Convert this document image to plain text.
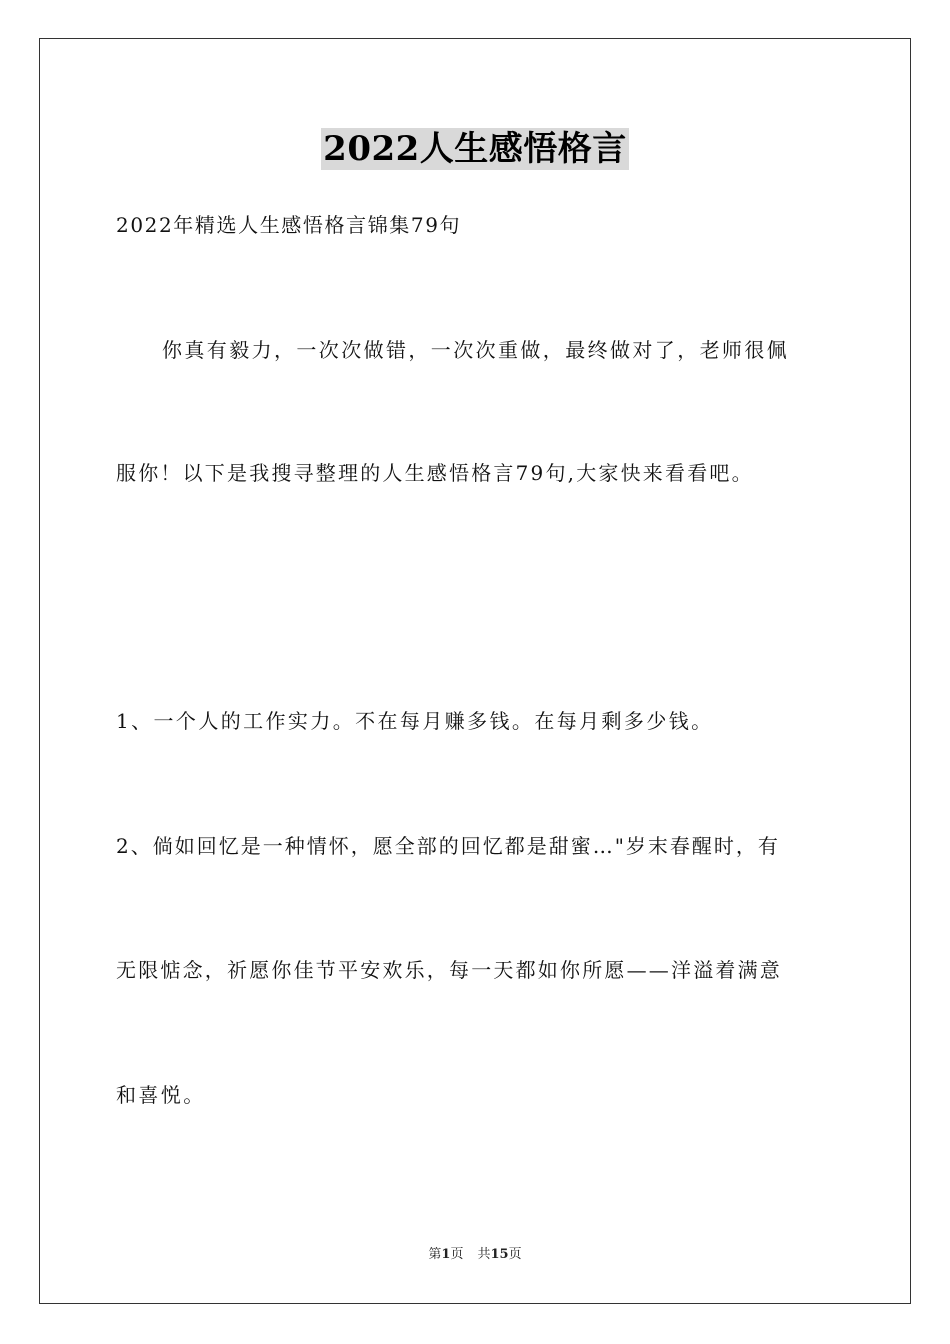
2022人生感悟格言

2022年精选人生感悟格言锦集79句

你真有毅力，一次次做错，一次次重做，最终做对了，老师很佩

服你！以下是我搜寻整理的人生感悟格言79句,大家快来看看吧。

1、一个人的工作实力。不在每月赚多钱。在每月剩多少钱。

2、倘如回忆是一种情怀，愿全部的回忆都是甜蜜…"岁末春醒时，有

无限惦念，祈愿你佳节平安欢乐，每一天都如你所愿——洋溢着满意

和喜悦。

第1页 共15页
